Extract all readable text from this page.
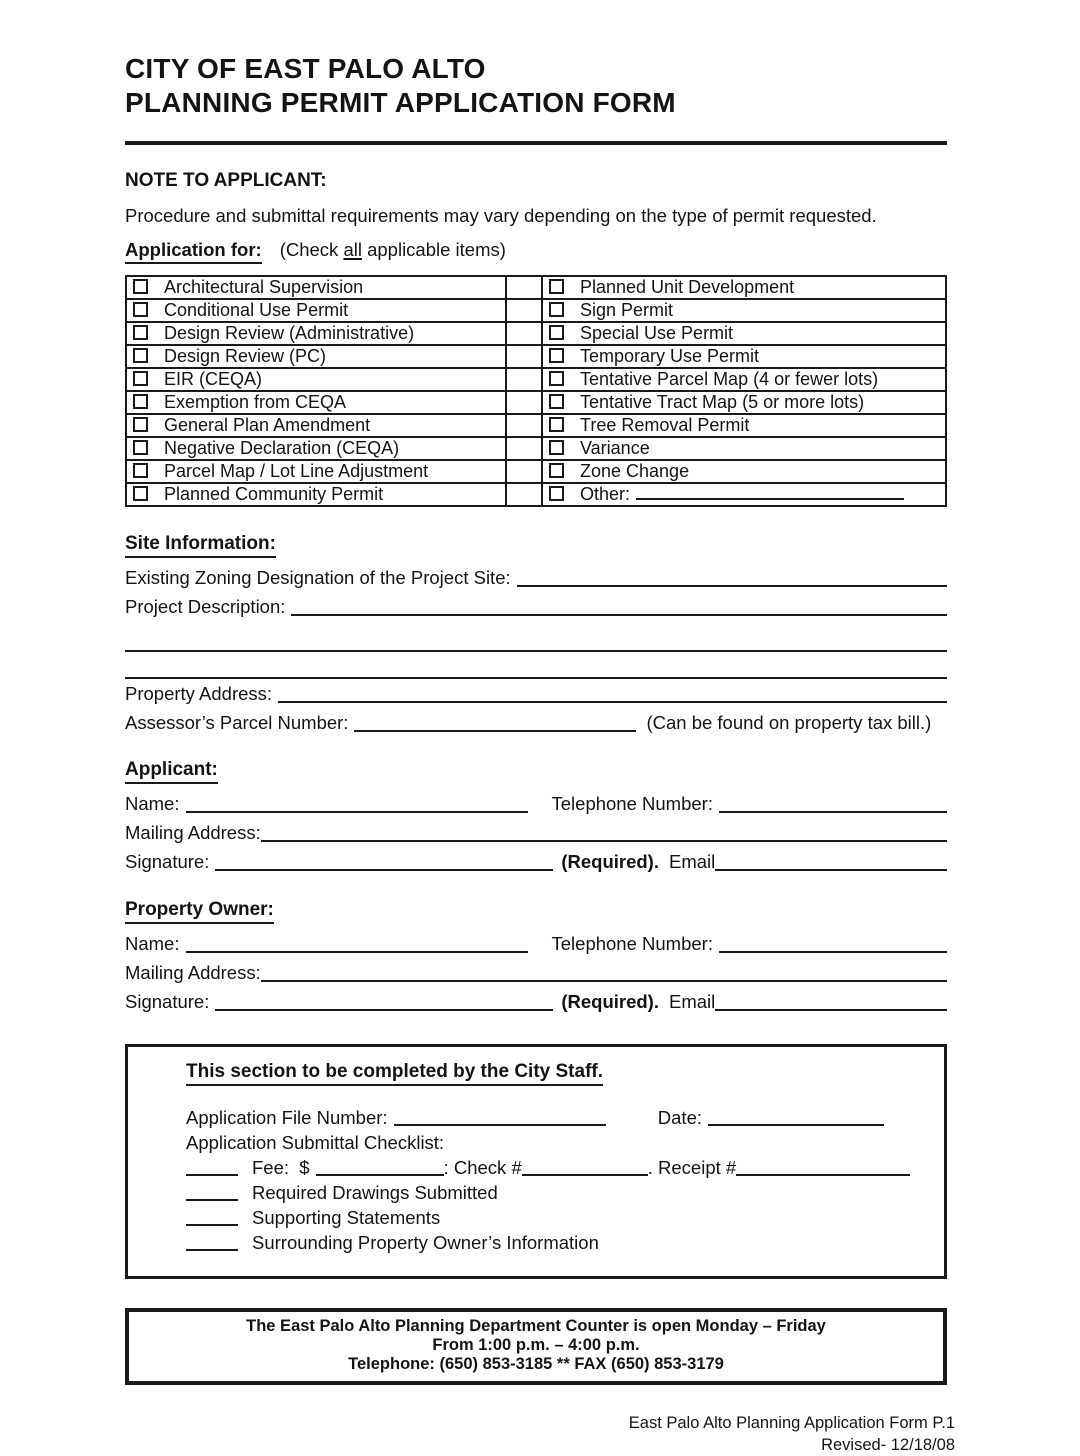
CITY OF EAST PALO ALTO
PLANNING PERMIT APPLICATION FORM
NOTE TO APPLICANT:

Procedure and submittal requirements may vary depending on the type of permit requested.

Application for: (Check all applicable items)
Architectural Supervision		Planned Unit Development
Conditional Use Permit		Sign Permit
Design Review (Administrative)		Special Use Permit
Design Review (PC)		Temporary Use Permit
EIR (CEQA)		Tentative Parcel Map (4 or fewer lots)
Exemption from CEQA		Tentative Tract Map (5 or more lots)
General Plan Amendment		Tree Removal Permit
Negative Declaration (CEQA)		Variance
Parcel Map / Lot Line Adjustment		Zone Change
Planned Community Permit		Other:
Site Information:
Existing Zoning Designation of the Project Site:
Project Description:
Property Address:
Assessor’s Parcel Number:	(Can be found on property tax bill.)
Applicant:
Name:	Telephone Number:
Mailing Address:
Signature:	(Required). Email
Property Owner:
Name:	Telephone Number:
Mailing Address:
Signature:	(Required). Email
This section to be completed by the City Staff.
Application File Number:	Date:
Application Submittal Checklist:
Fee:  $	: Check #	. Receipt #
Required Drawings Submitted
Supporting Statements
Surrounding Property Owner’s Information
The East Palo Alto Planning Department Counter is open Monday – Friday
From 1:00 p.m. – 4:00 p.m.
Telephone: (650) 853-3185 ** FAX (650) 853-3179
East Palo Alto Planning Application Form P.1
Revised- 12/18/08
